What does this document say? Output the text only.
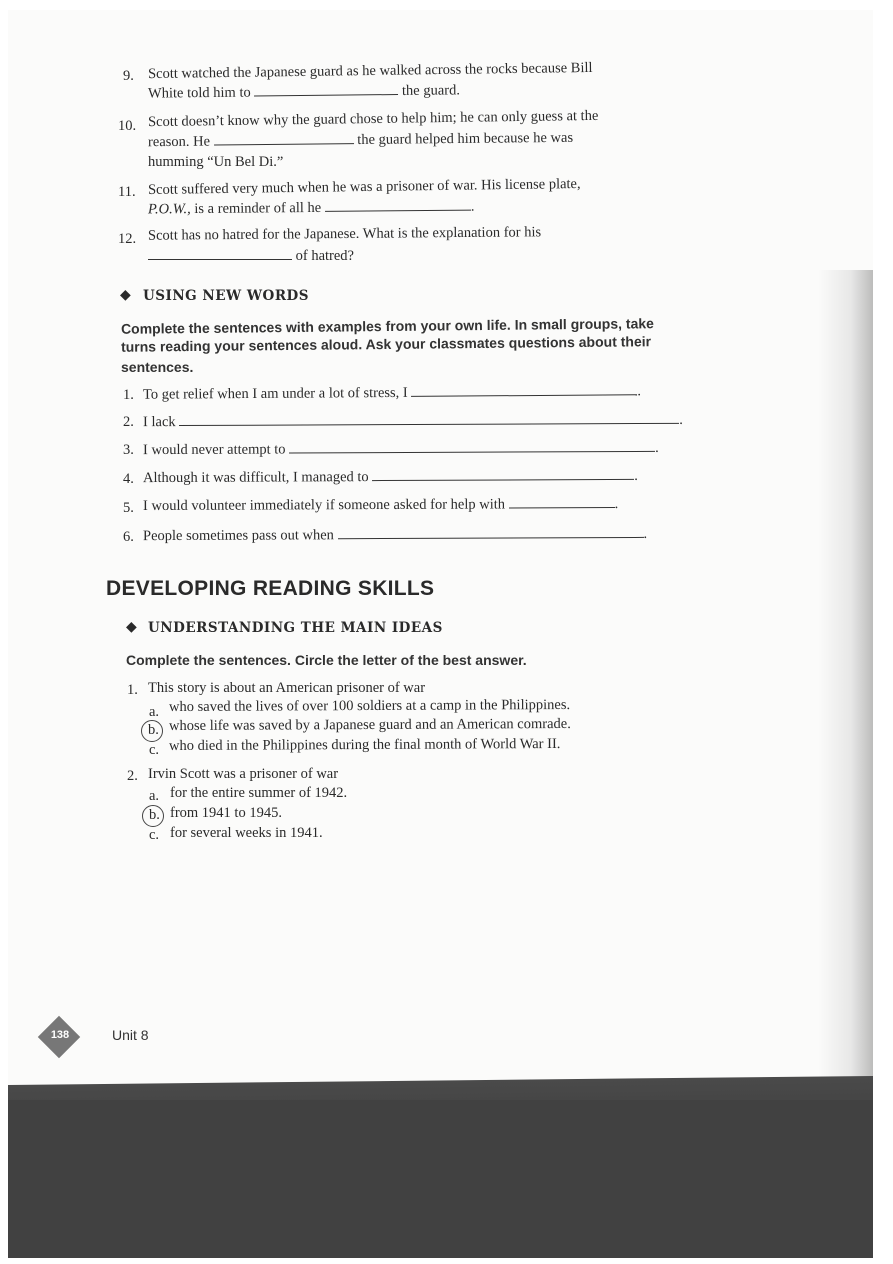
9. Scott watched the Japanese guard as he walked across the rocks because Bill
White told him to	the guard.
10. Scott doesn’t know why the guard chose to help him; he can only guess at the
reason. He	the guard helped him because he was
humming “Un Bel Di.”
11. Scott suffered very much when he was a prisoner of war. His license plate,
P.O.W., is a reminder of all he	.
12. Scott has no hatred for the Japanese. What is the explanation for his
of hatred?
◆ USING NEW WORDS
Complete the sentences with examples from your own life. In small groups, take
turns reading your sentences aloud. Ask your classmates questions about their
sentences.
1. To get relief when I am under a lot of stress, I	.
2. I lack	.
3. I would never attempt to	.
4. Although it was difficult, I managed to	.
5. I would volunteer immediately if someone asked for help with	.
6. People sometimes pass out when	.
DEVELOPING READING SKILLS
◆ UNDERSTANDING THE MAIN IDEAS
Complete the sentences. Circle the letter of the best answer.
1. This story is about an American prisoner of war
a. who saved the lives of over 100 soldiers at a camp in the Philippines.
b. whose life was saved by a Japanese guard and an American comrade.
c. who died in the Philippines during the final month of World War II.
2. Irvin Scott was a prisoner of war
a. for the entire summer of 1942.
b. from 1941 to 1945.
c. for several weeks in 1941.
138	Unit 8
